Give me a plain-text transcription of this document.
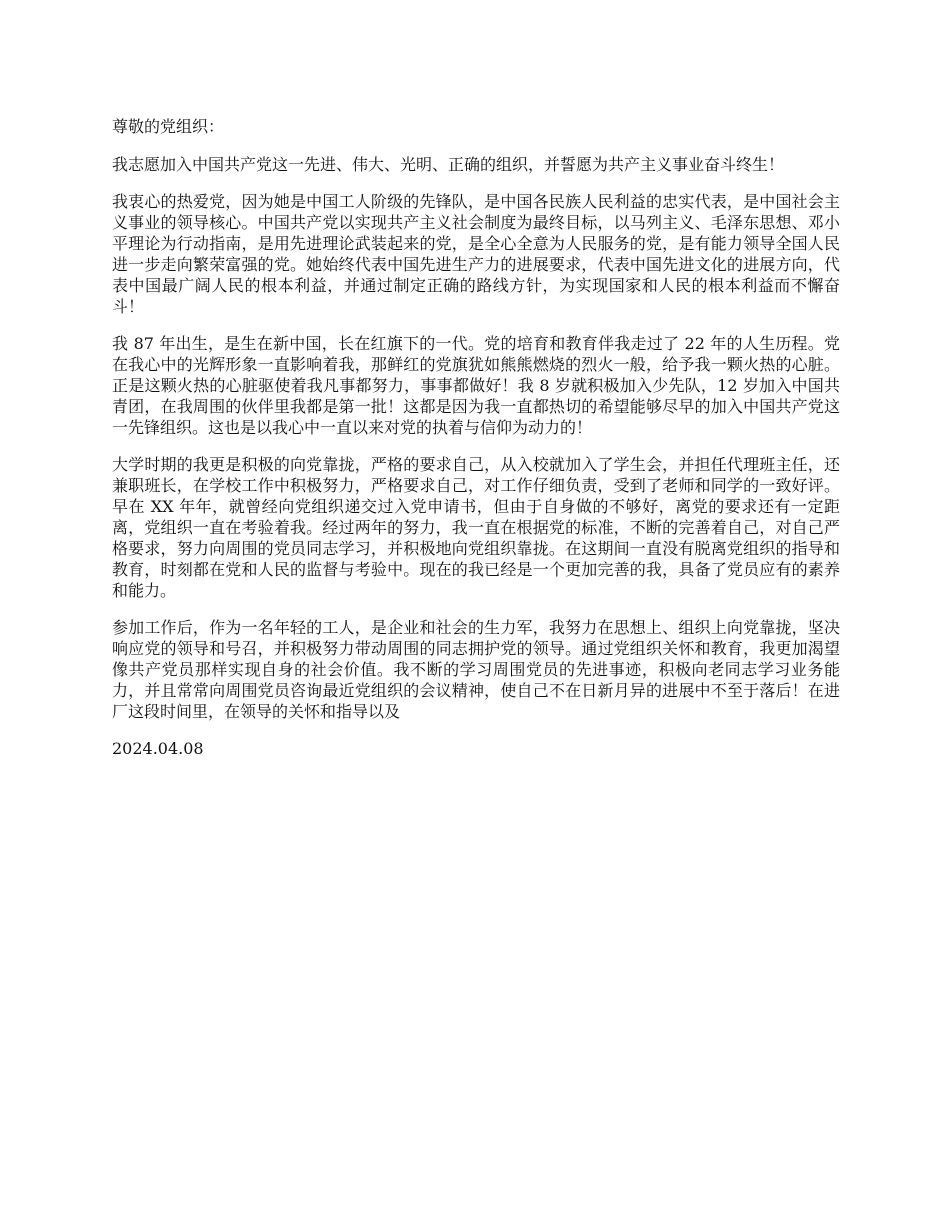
尊敬的党组织：

我志愿加入中国共产党这一先进、伟大、光明、正确的组织，并誓愿为共产主义事业奋斗终生！

我衷心的热爱党，因为她是中国工人阶级的先锋队，是中国各民族人民利益的忠实代表，是中国社会主义事业的领导核心。中国共产党以实现共产主义社会制度为最终目标，以马列主义、毛泽东思想、邓小平理论为行动指南，是用先进理论武装起来的党，是全心全意为人民服务的党，是有能力领导全国人民进一步走向繁荣富强的党。她始终代表中国先进生产力的进展要求，代表中国先进文化的进展方向，代表中国最广阔人民的根本利益，并通过制定正确的路线方针，为实现国家和人民的根本利益而不懈奋斗！

我 87 年出生，是生在新中国，长在红旗下的一代。党的培育和教育伴我走过了 22 年的人生历程。党在我心中的光辉形象一直影响着我，那鲜红的党旗犹如熊熊燃烧的烈火一般，给予我一颗火热的心脏。正是这颗火热的心脏驱使着我凡事都努力，事事都做好！我 8 岁就积极加入少先队，12 岁加入中国共青团，在我周围的伙伴里我都是第一批！这都是因为我一直都热切的希望能够尽早的加入中国共产党这一先锋组织。这也是以我心中一直以来对党的执着与信仰为动力的！

大学时期的我更是积极的向党靠拢，严格的要求自己，从入校就加入了学生会，并担任代理班主任，还兼职班长，在学校工作中积极努力，严格要求自己，对工作仔细负责，受到了老师和同学的一致好评。早在 XX 年年，就曾经向党组织递交过入党申请书，但由于自身做的不够好，离党的要求还有一定距离，党组织一直在考验着我。经过两年的努力，我一直在根据党的标准，不断的完善着自己，对自己严格要求，努力向周围的党员同志学习，并积极地向党组织靠拢。在这期间一直没有脱离党组织的指导和教育，时刻都在党和人民的监督与考验中。现在的我已经是一个更加完善的我，具备了党员应有的素养和能力。

参加工作后，作为一名年轻的工人，是企业和社会的生力军，我努力在思想上、组织上向党靠拢，坚决响应党的领导和号召，并积极努力带动周围的同志拥护党的领导。通过党组织关怀和教育，我更加渴望像共产党员那样实现自身的社会价值。我不断的学习周围党员的先进事迹，积极向老同志学习业务能力，并且常常向周围党员咨询最近党组织的会议精神，使自己不在日新月异的进展中不至于落后！在进厂这段时间里，在领导的关怀和指导以及

2024.04.08
